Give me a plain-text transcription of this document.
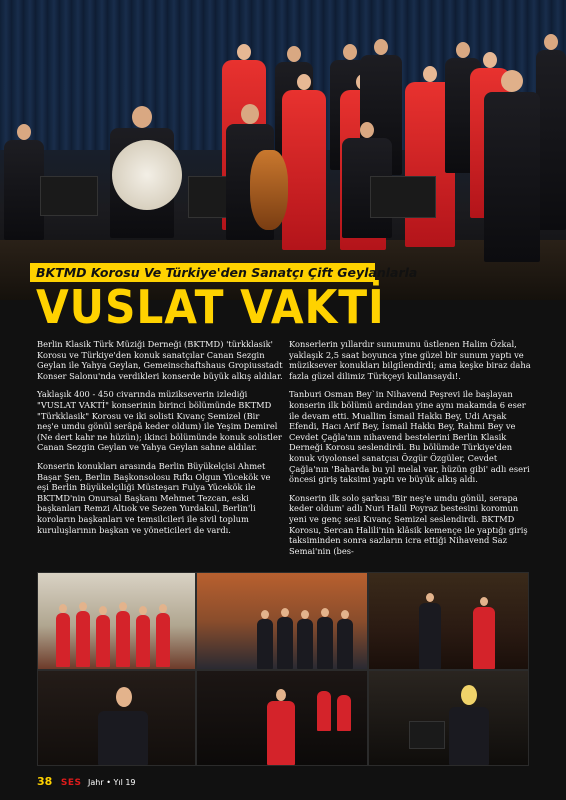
BKTMD Korosu Ve Türkiye'den Sanatçı Çift Geylanlarla
VUSLAT VAKTİ

Berlin Klasik Türk Müziği Derneği (BKTMD) 'türkklasik' Korosu ve Türkiye'den konuk sanatçılar Canan Sezgin Geylan ile Yahya Geylan, Gemeinschaftshaus Gropiusstadt Konser Salonu'nda verdikleri konserde büyük alkış aldılar.

Yaklaşık 400 - 450 civarında müzikseverin izlediği "VUSLAT VAKTİ" konserinin birinci bölümünde BKTMD "Türkklasik" Korosu ve iki solisti Kıvanç Semizel (Bir neş'e umdu gönül serâpâ keder oldum) ile Yeşim Demirel (Ne dert kahr ne hüzün); ikinci bölümünde konuk solistler Canan Sezgin Geylan ve Yahya Geylan sahne aldılar.

Konserin konukları arasında Berlin Büyükelçisi Ahmet Başar Şen, Berlin Başkonsolosu Rıfkı Olgun Yücekök ve eşi Berlin Büyükelçiliği Müsteşarı Fulya Yücekök ile BKTMD'nin Onursal Başkanı Mehmet Tezcan, eski başkanları Remzi Altıok ve Sezen Yurdakul, Berlin'li koroların başkanları ve temsilcileri ile sivil toplum kuruluşlarının başkan ve yöneticileri de vardı.

Konserlerin yıllardır sunumunu üstlenen Halim Özkal, yaklaşık 2,5 saat boyunca yine güzel bir sunum yaptı ve müziksever konukları bilgilendirdi; ama keşke biraz daha fazla güzel dilimiz Türkçeyi kullansaydı!.

Tanburi Osman Bey`in Nihavend Peşrevi ile başlayan konserin ilk bölümü ardından yine aynı makamda 6 eser ile devam etti. Muallim İsmail Hakkı Bey, Udi Arşak Efendi, Hacı Arif Bey, İsmail Hakkı Bey, Rahmi Bey ve Cevdet Çağla'nın nihavend bestelerini Berlin Klasik Derneği Korosu seslendirdi. Bu bölümde Türkiye'den konuk viyolonsel sanatçısı Özgür Özgüler, Cevdet Çağla'nın 'Baharda bu yıl melal var, hüzün gibi' adlı eseri öncesi giriş taksimi yaptı ve büyük alkış aldı.

Konserin ilk solo şarkısı 'Bir neş'e umdu gönül, serapa keder oldum' adlı Nuri Halil Poyraz bestesini koromun yeni ve genç sesi Kıvanç Semizel seslendirdi. BKTMD Korosu, Sercan Halili'nin klâsik kemençe ile yaptığı giriş taksiminden sonra sazların icra ettiği Nihavend Saz Semai'nin (bes-

38 SES Jahr • Yıl 19
